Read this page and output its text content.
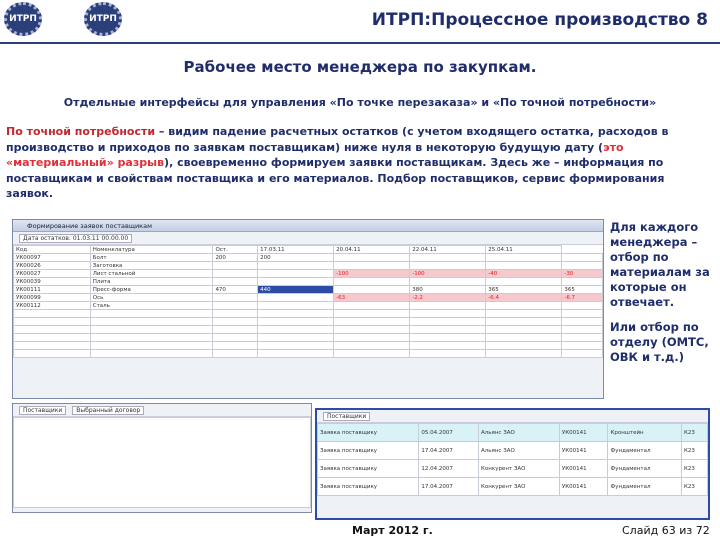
ИТРП	ИТРП	ИТРП:Процессное производство 8
Рабочее место менеджера по закупкам.
Отдельные интерфейсы для управления «По точке перезаказа» и «По точной потребности»
По точной потребности – видим падение расчетных остатков (с учетом входящего остатка, расходов в производство и приходов по заявкам поставщикам) ниже нуля в некоторую будущую дату (это «материальный» разрыв), своевременно формируем заявки поставщикам. Здесь же – информация по поставщикам и свойствам поставщика и его материалов. Подбор поставщиков, сервис формирования заявок.
Для каждого менеджера – отбор по материалам за которые он отвечает.
Или отбор по отделу (ОМТС, ОВК и т.д.)
Формирование заявок поставщикам
Дата остатков: 01.03.11 00.00.00
Код	Номенклатура	Ост.	17.03.11	20.04.11	22.04.11	25.04.11	
УК00097	Болт	200	200				
УК00026	Заготовка						
УК00027	Лист стальной			-100	-100	-40	-30
УК00039	Плита						
УК00111	Пресс-форма	470	440		380	365	365
УК00099	Ось			-63	-2.2	-6.4	-6.7
УК00112	Сталь						

Поставщики	Выбранный договор
Поставщики
Заявка поставщику	05.04.2007	Альянс ЗАО	УК00141	Кронштейн	К23
Заявка поставщику	17.04.2007	Альянс ЗАО	УК00141	Фундаментал	К23
Заявка поставщику	12.04.2007	Конкурент ЗАО	УК00141	Фундаментал	К23
Заявка поставщику	17.04.2007	Конкурент ЗАО	УК00141	Фундаментал	К23
Март 2012 г.	Слайд 63 из 72
